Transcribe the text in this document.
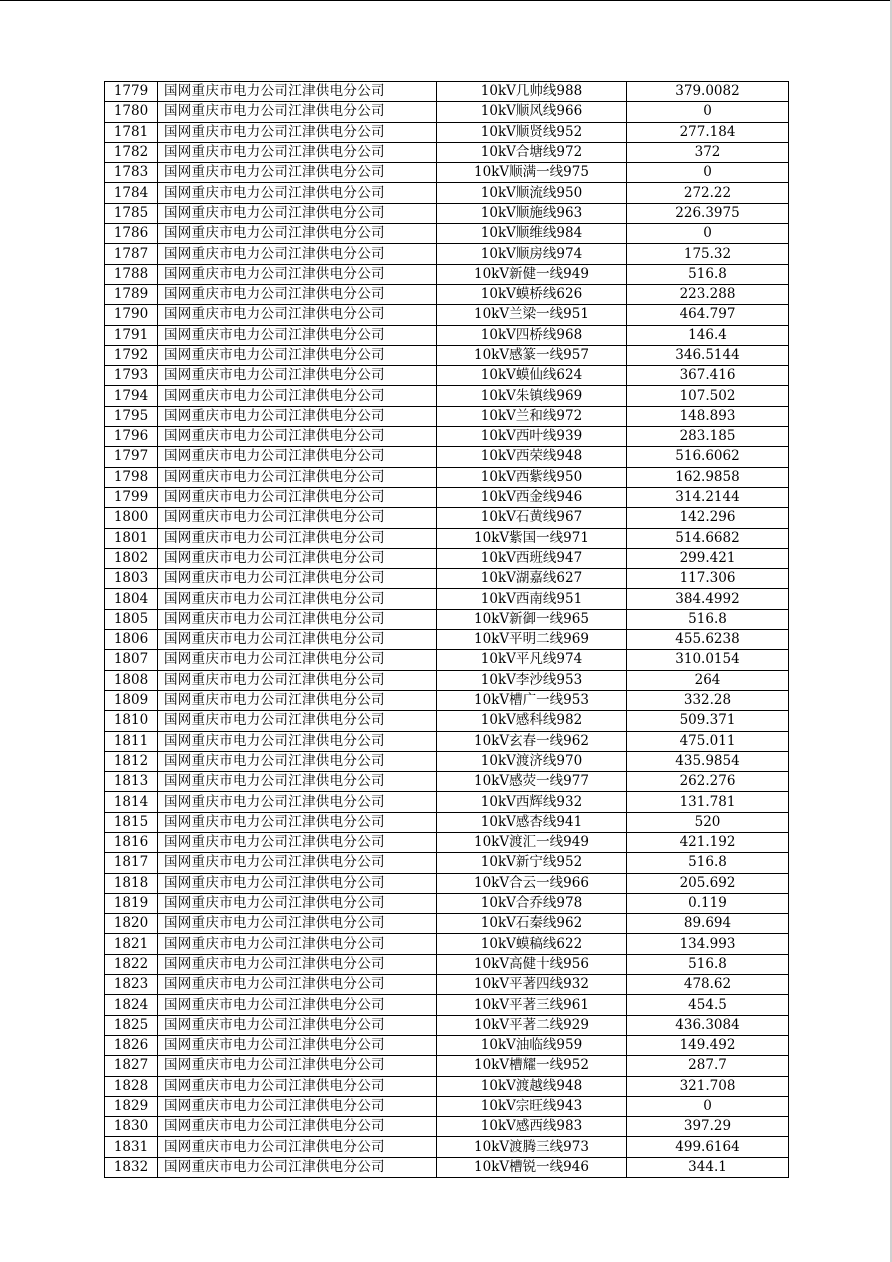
1779	国网重庆市电力公司江津供电分公司	10kV几帅线988	379.0082
1780	国网重庆市电力公司江津供电分公司	10kV顺风线966	0
1781	国网重庆市电力公司江津供电分公司	10kV顺贤线952	277.184
1782	国网重庆市电力公司江津供电分公司	10kV合塘线972	372
1783	国网重庆市电力公司江津供电分公司	10kV顺满一线975	0
1784	国网重庆市电力公司江津供电分公司	10kV顺流线950	272.22
1785	国网重庆市电力公司江津供电分公司	10kV顺施线963	226.3975
1786	国网重庆市电力公司江津供电分公司	10kV顺维线984	0
1787	国网重庆市电力公司江津供电分公司	10kV顺房线974	175.32
1788	国网重庆市电力公司江津供电分公司	10kV新健一线949	516.8
1789	国网重庆市电力公司江津供电分公司	10kV蟆桥线626	223.288
1790	国网重庆市电力公司江津供电分公司	10kV兰梁一线951	464.797
1791	国网重庆市电力公司江津供电分公司	10kV四桥线968	146.4
1792	国网重庆市电力公司江津供电分公司	10kV感篆一线957	346.5144
1793	国网重庆市电力公司江津供电分公司	10kV蟆仙线624	367.416
1794	国网重庆市电力公司江津供电分公司	10kV朱镇线969	107.502
1795	国网重庆市电力公司江津供电分公司	10kV兰和线972	148.893
1796	国网重庆市电力公司江津供电分公司	10kV西叶线939	283.185
1797	国网重庆市电力公司江津供电分公司	10kV西荣线948	516.6062
1798	国网重庆市电力公司江津供电分公司	10kV西紫线950	162.9858
1799	国网重庆市电力公司江津供电分公司	10kV西金线946	314.2144
1800	国网重庆市电力公司江津供电分公司	10kV石黄线967	142.296
1801	国网重庆市电力公司江津供电分公司	10kV紫国一线971	514.6682
1802	国网重庆市电力公司江津供电分公司	10kV西班线947	299.421
1803	国网重庆市电力公司江津供电分公司	10kV湖嘉线627	117.306
1804	国网重庆市电力公司江津供电分公司	10kV西南线951	384.4992
1805	国网重庆市电力公司江津供电分公司	10kV新御一线965	516.8
1806	国网重庆市电力公司江津供电分公司	10kV平明二线969	455.6238
1807	国网重庆市电力公司江津供电分公司	10kV平凡线974	310.0154
1808	国网重庆市电力公司江津供电分公司	10kV李沙线953	264
1809	国网重庆市电力公司江津供电分公司	10kV槽广一线953	332.28
1810	国网重庆市电力公司江津供电分公司	10kV感科线982	509.371
1811	国网重庆市电力公司江津供电分公司	10kV玄春一线962	475.011
1812	国网重庆市电力公司江津供电分公司	10kV渡济线970	435.9854
1813	国网重庆市电力公司江津供电分公司	10kV感荧一线977	262.276
1814	国网重庆市电力公司江津供电分公司	10kV西辉线932	131.781
1815	国网重庆市电力公司江津供电分公司	10kV感杏线941	520
1816	国网重庆市电力公司江津供电分公司	10kV渡汇一线949	421.192
1817	国网重庆市电力公司江津供电分公司	10kV新宁线952	516.8
1818	国网重庆市电力公司江津供电分公司	10kV合云一线966	205.692
1819	国网重庆市电力公司江津供电分公司	10kV合乔线978	0.119
1820	国网重庆市电力公司江津供电分公司	10kV石秦线962	89.694
1821	国网重庆市电力公司江津供电分公司	10kV蟆稿线622	134.993
1822	国网重庆市电力公司江津供电分公司	10kV高健十线956	516.8
1823	国网重庆市电力公司江津供电分公司	10kV平著四线932	478.62
1824	国网重庆市电力公司江津供电分公司	10kV平著三线961	454.5
1825	国网重庆市电力公司江津供电分公司	10kV平著二线929	436.3084
1826	国网重庆市电力公司江津供电分公司	10kV油临线959	149.492
1827	国网重庆市电力公司江津供电分公司	10kV槽耀一线952	287.7
1828	国网重庆市电力公司江津供电分公司	10kV渡越线948	321.708
1829	国网重庆市电力公司江津供电分公司	10kV宗旺线943	0
1830	国网重庆市电力公司江津供电分公司	10kV感西线983	397.29
1831	国网重庆市电力公司江津供电分公司	10kV渡腾三线973	499.6164
1832	国网重庆市电力公司江津供电分公司	10kV槽锐一线946	344.1
